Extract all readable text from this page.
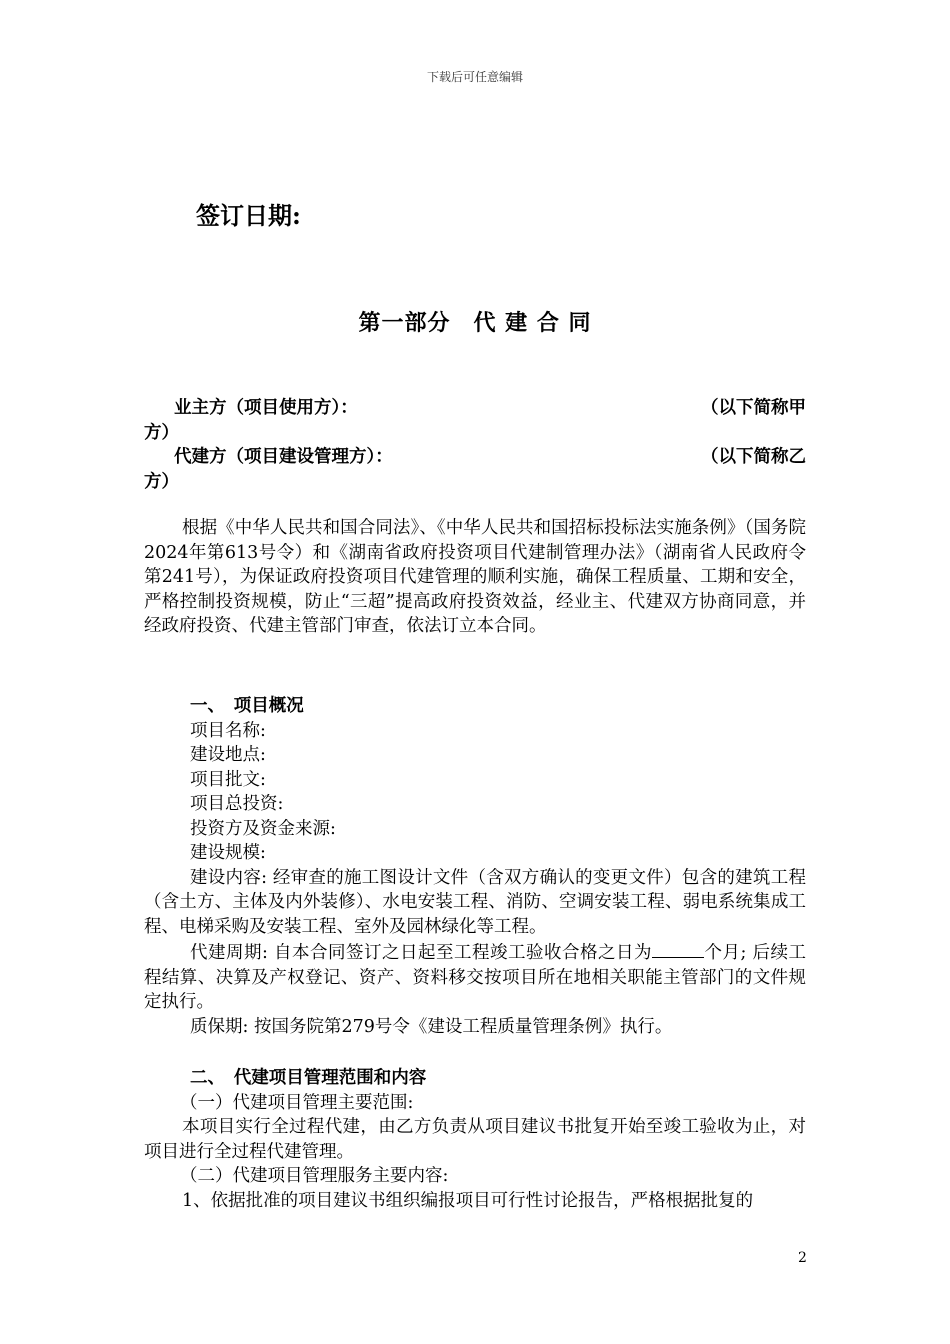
下载后可任意编辑
签订日期:
第一部分　代 建 合 同
业主方（项目使用方）：	（以下简称甲
方）
代建方（项目建设管理方）：	（以下简称乙
方）
根据《中华人民共和国合同法》、《中华人民共和国招标投标法实施条例》（国务院2024年第613号令）和《湖南省政府投资项目代建制管理办法》（湖南省人民政府令第241号），为保证政府投资项目代建管理的顺利实施，确保工程质量、工期和安全，严格控制投资规模，防止“三超”提高政府投资效益，经业主、代建双方协商同意，并经政府投资、代建主管部门审查，依法订立本合同。
一、　项目概况
项目名称:
建设地点:
项目批文:
项目总投资:
投资方及资金来源:
建设规模:
建设内容: 经审查的施工图设计文件（含双方确认的变更文件）包含的建筑工程（含土方、主体及内外装修）、水电安装工程、消防、空调安装工程、弱电系统集成工程、电梯采购及安装工程、室外及园林绿化等工程。
代建周期: 自本合同签订之日起至工程竣工验收合格之日为	个月; 后续工程结算、决算及产权登记、资产、资料移交按项目所在地相关职能主管部门的文件规定执行。
质保期: 按国务院第279号令《建设工程质量管理条例》执行。
二、　代建项目管理范围和内容
（一）代建项目管理主要范围:
本项目实行全过程代建，由乙方负责从项目建议书批复开始至竣工验收为止，对项目进行全过程代建管理。
（二）代建项目管理服务主要内容:
1、依据批准的项目建议书组织编报项目可行性讨论报告，严格根据批复的
2
